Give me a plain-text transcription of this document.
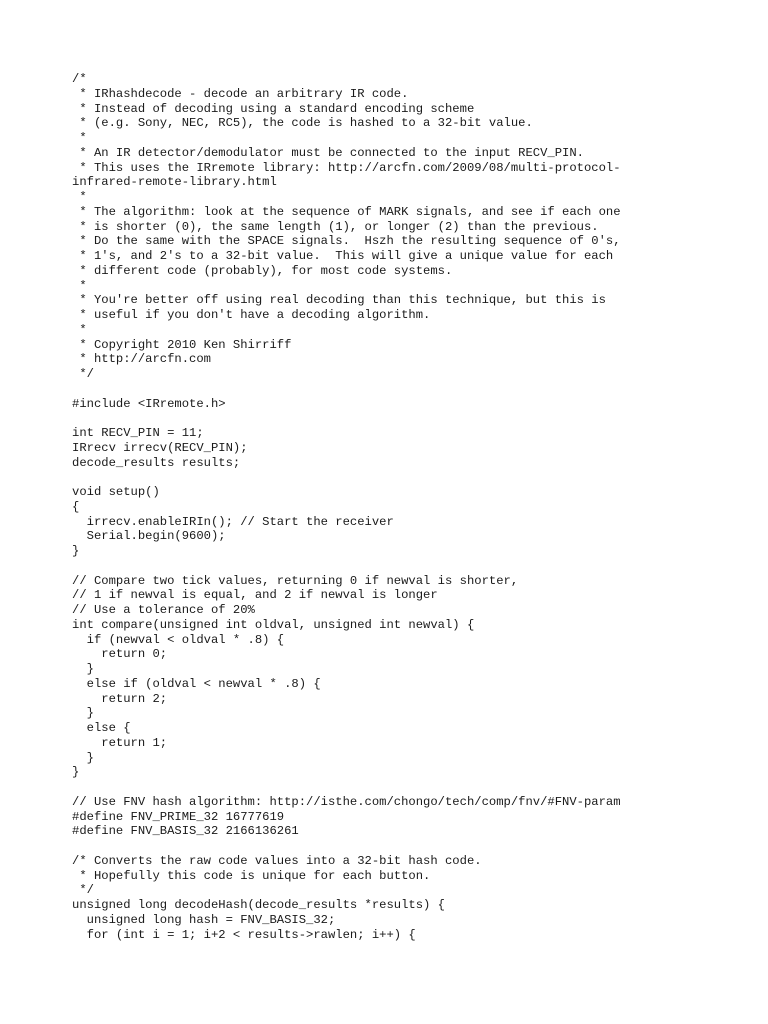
/*
* IRhashdecode - decode an arbitrary IR code.
* Instead of decoding using a standard encoding scheme
* (e.g. Sony, NEC, RC5), the code is hashed to a 32-bit value.
*
* An IR detector/demodulator must be connected to the input RECV_PIN.
* This uses the IRremote library: http://arcfn.com/2009/08/multi-protocol-
infrared-remote-library.html
*
* The algorithm: look at the sequence of MARK signals, and see if each one
* is shorter (0), the same length (1), or longer (2) than the previous.
* Do the same with the SPACE signals.  Hszh the resulting sequence of 0's,
* 1's, and 2's to a 32-bit value.  This will give a unique value for each
* different code (probably), for most code systems.
*
* You're better off using real decoding than this technique, but this is
* useful if you don't have a decoding algorithm.
*
* Copyright 2010 Ken Shirriff
* http://arcfn.com
*/
#include <IRremote.h>
int RECV_PIN = 11;
IRrecv irrecv(RECV_PIN);
decode_results results;
void setup()
{
irrecv.enableIRIn(); // Start the receiver
Serial.begin(9600);
}
// Compare two tick values, returning 0 if newval is shorter,
// 1 if newval is equal, and 2 if newval is longer
// Use a tolerance of 20%
int compare(unsigned int oldval, unsigned int newval) {
if (newval < oldval * .8) {
return 0;
}
else if (oldval < newval * .8) {
return 2;
}
else {
return 1;
}
}
// Use FNV hash algorithm: http://isthe.com/chongo/tech/comp/fnv/#FNV-param
#define FNV_PRIME_32 16777619
#define FNV_BASIS_32 2166136261
/* Converts the raw code values into a 32-bit hash code.
* Hopefully this code is unique for each button.
*/
unsigned long decodeHash(decode_results *results) {
unsigned long hash = FNV_BASIS_32;
for (int i = 1; i+2 < results->rawlen; i++) {
